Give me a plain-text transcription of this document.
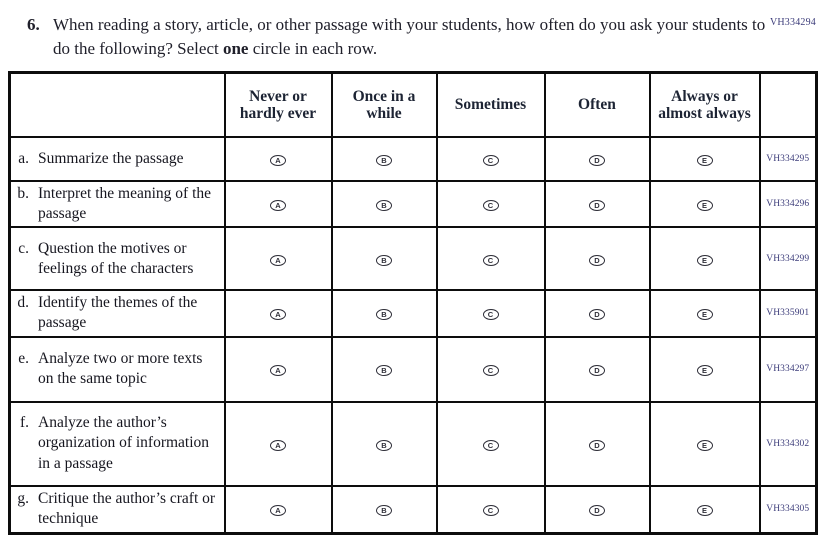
VH334294
6. When reading a story, article, or other passage with your students, how often do you ask your students to do the following? Select one circle in each row.
	Never or hardly ever	Once in a while	Sometimes	Often	Always or almost always	

a. Summarize the passage	A	B	C	D	E	VH334295

b. Interpret the meaning of the passage	A	B	C	D	E	VH334296

c. Question the motives or feelings of the characters	A	B	C	D	E	VH334299

d. Identify the themes of the passage	A	B	C	D	E	VH335901

e. Analyze two or more texts on the same topic	A	B	C	D	E	VH334297

f. Analyze the author’s organization of information in a passage	A	B	C	D	E	VH334302

g. Critique the author’s craft or technique	A	B	C	D	E	VH334305
